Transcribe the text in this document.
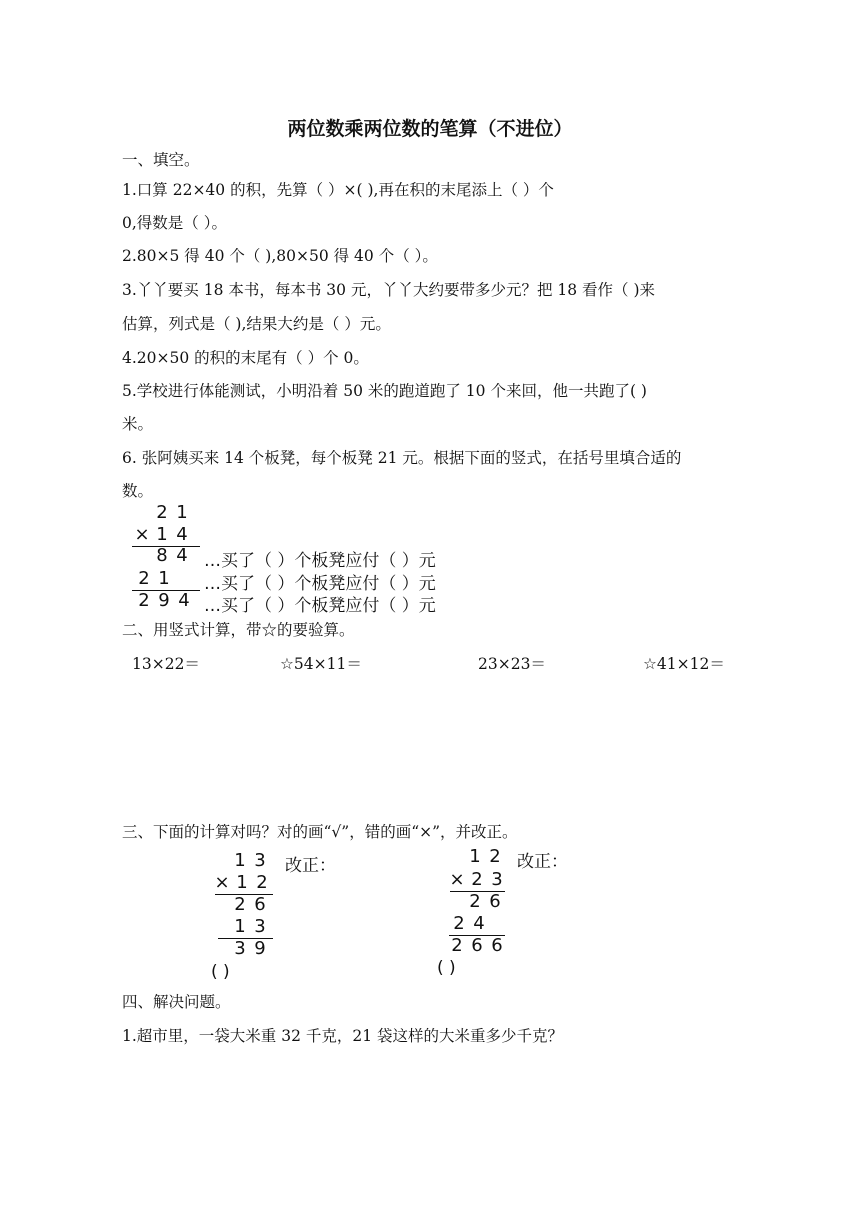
两位数乘两位数的笔算（不进位）
一、填空。
1.口算 22×40 的积，先算（ ）×( ),再在积的末尾添上（ ）个
0,得数是（ ）。
2.80×5 得 40 个（ ),80×50 得 40 个（ ）。
3.丫丫要买 18 本书，每本书 30 元，丫丫大约要带多少元？把 18 看作（ )来
估算，列式是（ ),结果大约是（ ）元。
4.20×50 的积的末尾有（ ）个 0。
5.学校进行体能测试，小明沿着 50 米的跑道跑了 10 个来回，他一共跑了( )
米。
6. 张阿姨买来 14 个板凳，每个板凳 21 元。根据下面的竖式，在括号里填合适的
数。
2 1
× 1 4
8 4 …买了（ ）个板凳应付（ ）元
2 1 …买了（ ）个板凳应付（ ）元
2 9 4 …买了（ ）个板凳应付（ ）元
二、用竖式计算，带☆的要验算。
13×22＝	☆54×11＝	23×23＝	☆41×12＝
三、下面的计算对吗？对的画“√”，错的画“×”，并改正。
1 3 改正：
× 1 2
2 6
1 3
3 9
( )
1 2 改正：
× 2 3
2 6
2 4
2 6 6
( )
四、解决问题。
1.超市里，一袋大米重 32 千克，21 袋这样的大米重多少千克？
